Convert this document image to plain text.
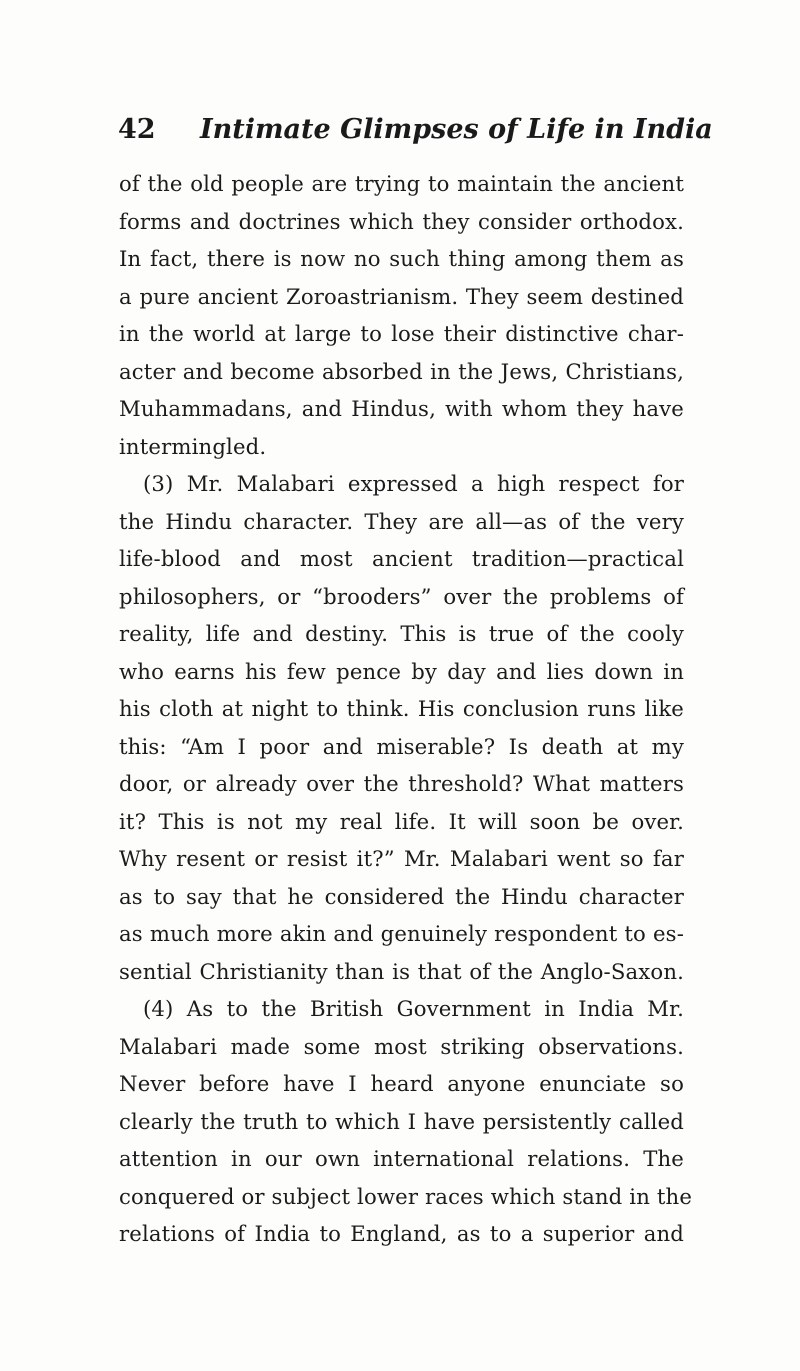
42 Intimate Glimpses of Life in India
of the old people are trying to maintain the ancient
forms and doctrines which they consider orthodox.
In fact, there is now no such thing among them as
a pure ancient Zoroastrianism. They seem destined
in the world at large to lose their distinctive char-
acter and become absorbed in the Jews, Christians,
Muhammadans, and Hindus, with whom they have
intermingled.
(3) Mr. Malabari expressed a high respect for
the Hindu character. They are all—as of the very
life-blood and most ancient tradition—practical
philosophers, or “brooders” over the problems of
reality, life and destiny. This is true of the cooly
who earns his few pence by day and lies down in
his cloth at night to think. His conclusion runs like
this: “Am I poor and miserable? Is death at my
door, or already over the threshold? What matters
it? This is not my real life. It will soon be over.
Why resent or resist it?” Mr. Malabari went so far
as to say that he considered the Hindu character
as much more akin and genuinely respondent to es-
sential Christianity than is that of the Anglo-Saxon.
(4) As to the British Government in India Mr.
Malabari made some most striking observations.
Never before have I heard anyone enunciate so
clearly the truth to which I have persistently called
attention in our own international relations. The
conquered or subject lower races which stand in the
relations of India to England, as to a superior and
